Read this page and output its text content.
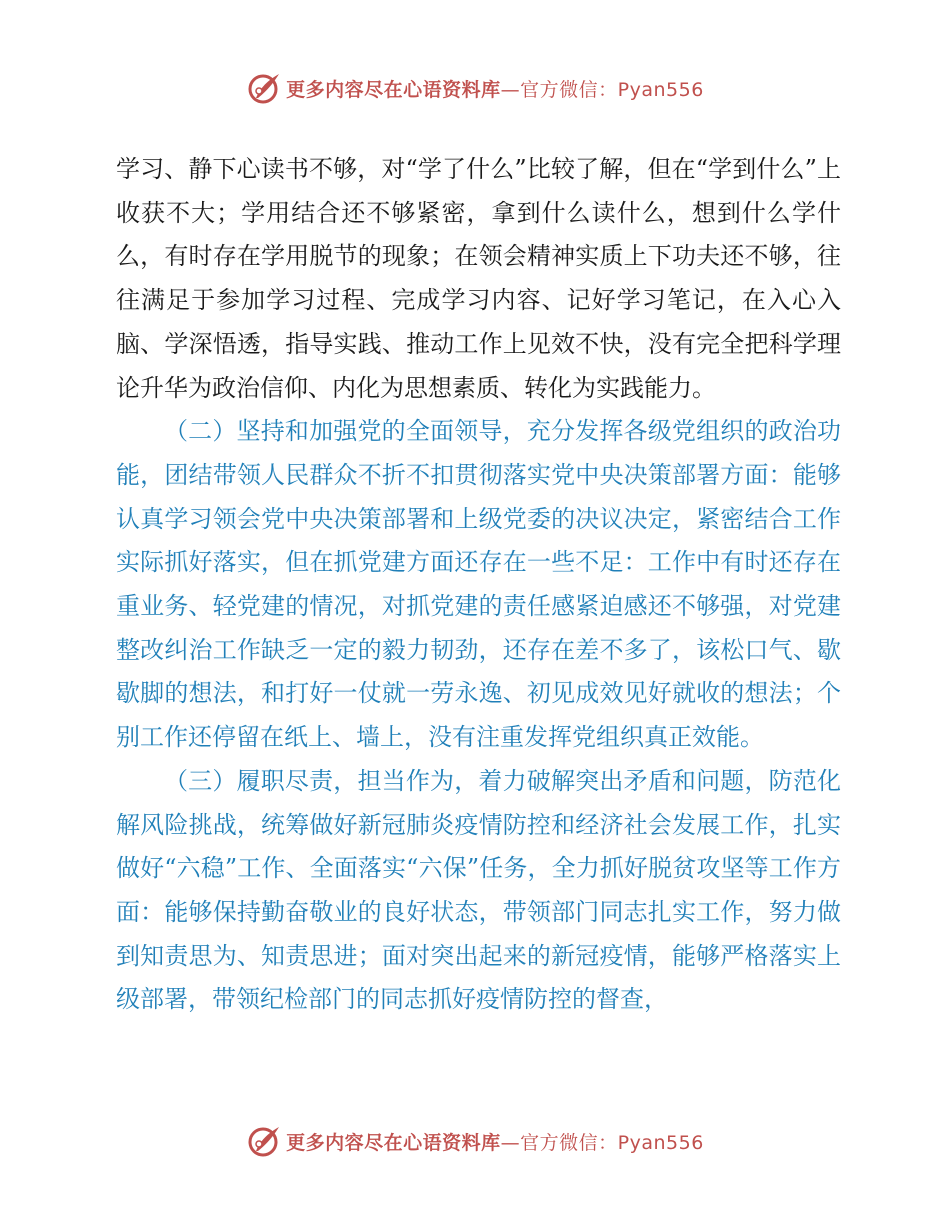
更多内容尽在心语资料库—官方微信：Pyan556

学习、静下心读书不够，对“学了什么”比较了解，但在“学到什么”上收获不大；学用结合还不够紧密，拿到什么读什么，想到什么学什么，有时存在学用脱节的现象；在领会精神实质上下功夫还不够，往往满足于参加学习过程、完成学习内容、记好学习笔记，在入心入脑、学深悟透，指导实践、推动工作上见效不快，没有完全把科学理论升华为政治信仰、内化为思想素质、转化为实践能力。

（二）坚持和加强党的全面领导，充分发挥各级党组织的政治功能，团结带领人民群众不折不扣贯彻落实党中央决策部署方面：能够认真学习领会党中央决策部署和上级党委的决议决定，紧密结合工作实际抓好落实，但在抓党建方面还存在一些不足：工作中有时还存在重业务、轻党建的情况，对抓党建的责任感紧迫感还不够强，对党建整改纠治工作缺乏一定的毅力韧劲，还存在差不多了，该松口气、歇歇脚的想法，和打好一仗就一劳永逸、初见成效见好就收的想法；个别工作还停留在纸上、墙上，没有注重发挥党组织真正效能。

（三）履职尽责，担当作为，着力破解突出矛盾和问题，防范化解风险挑战，统筹做好新冠肺炎疫情防控和经济社会发展工作，扎实做好“六稳”工作、全面落实“六保”任务，全力抓好脱贫攻坚等工作方面：能够保持勤奋敬业的良好状态，带领部门同志扎实工作，努力做到知责思为、知责思进；面对突出起来的新冠疫情，能够严格落实上级部署，带领纪检部门的同志抓好疫情防控的督查，

更多内容尽在心语资料库—官方微信：Pyan556
